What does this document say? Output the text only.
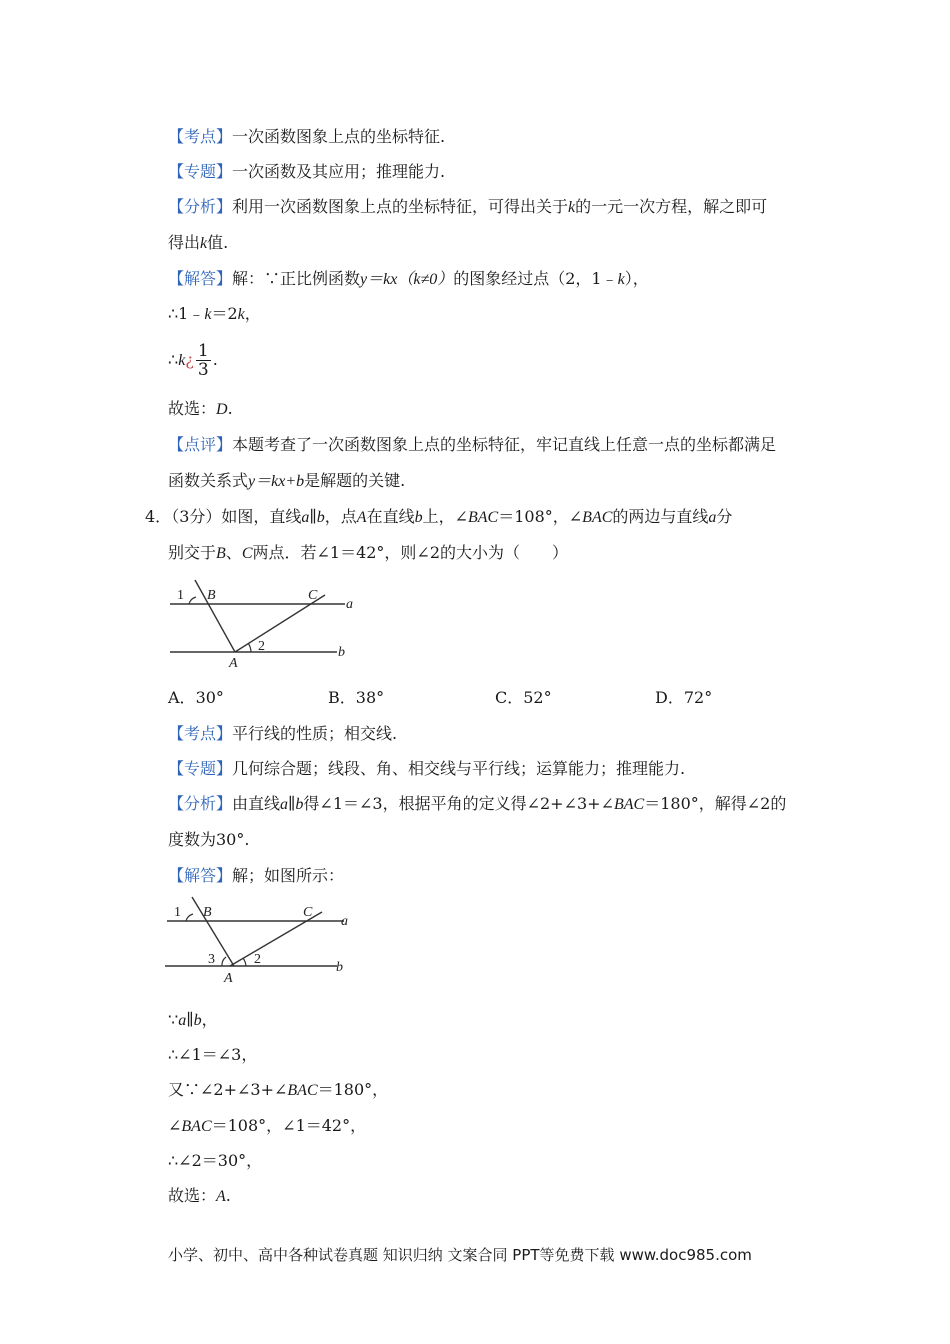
【考点】一次函数图象上点的坐标特征.
【专题】一次函数及其应用；推理能力.
【分析】利用一次函数图象上点的坐标特征，可得出关于k的一元一次方程，解之即可
得出k值.
【解答】解：∵正比例函数y＝kx（k≠0）的图象经过点（2，1﹣k），
∴1﹣k＝2k，
∴k¿ $\frac{1}{3}$ .
故选：D.
【点评】本题考查了一次函数图象上点的坐标特征，牢记直线上任意一点的坐标都满足
函数关系式y＝kx+b是解题的关键.
4．（3分）如图，直线a∥b，点A在直线b上，∠BAC＝108°，∠BAC的两边与直线a分
别交于B、C两点．若∠1＝42°，则∠2的大小为（　　）
1 B	C
a
2
A
b
A．30°	B．38°	C．52°	D．72°
【考点】平行线的性质；相交线.
【专题】几何综合题；线段、角、相交线与平行线；运算能力；推理能力.
【分析】由直线a∥b得∠1＝∠3，根据平角的定义得∠2+∠3+∠BAC＝180°，解得∠2的
度数为30°.
【解答】解；如图所示：
1 B	C
a
3	2
A
b
∵a∥b，
∴∠1＝∠3，
又∵∠2+∠3+∠BAC＝180°，
∠BAC＝108°，∠1＝42°，
∴∠2＝30°，
故选：A.
小学、初中、高中各种试卷真题 知识归纳 文案合同 PPT等免费下载 www.doc985.com
